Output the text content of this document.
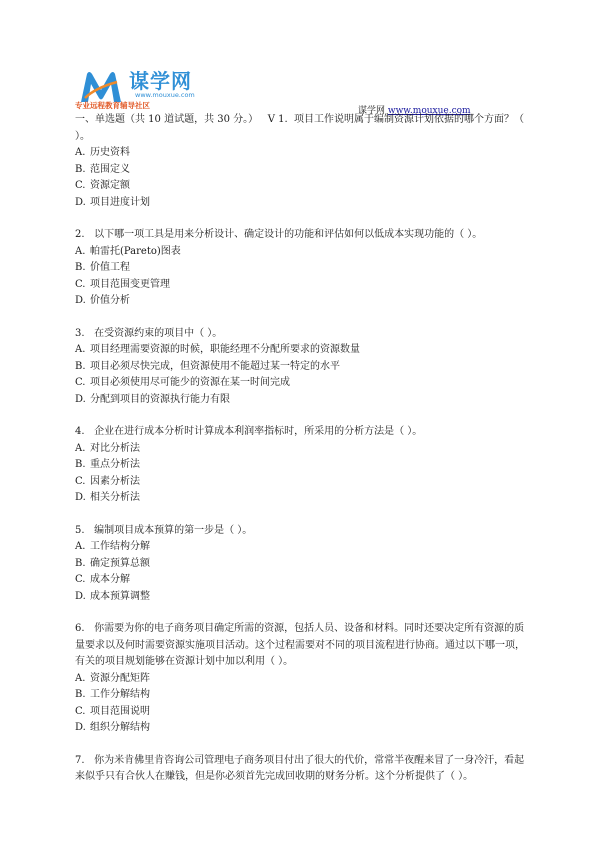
谋学网
www.mouxue.com
专业远程教育辅导社区
谋学网 www.mouxue.com

一、单选题（共 10 道试题，共 30 分。） V 1. 项目工作说明属于编制资源计划依据的哪个方面？（ ）。

A. 历史资料

B. 范围定义

C. 资源定额

D. 项目进度计划

2. 以下哪一项工具是用来分析设计、确定设计的功能和评估如何以低成本实现功能的（ ）。

A. 帕雷托(Pareto)图表

B. 价值工程

C. 项目范围变更管理

D. 价值分析

3. 在受资源约束的项目中（ ）。

A. 项目经理需要资源的时候，职能经理不分配所要求的资源数量

B. 项目必须尽快完成，但资源使用不能超过某一特定的水平

C. 项目必须使用尽可能少的资源在某一时间完成

D. 分配到项目的资源执行能力有限

4. 企业在进行成本分析时计算成本利润率指标时，所采用的分析方法是（ ）。

A. 对比分析法

B. 重点分析法

C. 因素分析法

D. 相关分析法

5. 编制项目成本预算的第一步是（ ）。

A. 工作结构分解

B. 确定预算总额

C. 成本分解

D. 成本预算调整

6. 你需要为你的电子商务项目确定所需的资源，包括人员、设备和材料。同时还要决定所有资源的质量要求以及何时需要资源实施项目活动。这个过程需要对不同的项目流程进行协商。通过以下哪一项，有关的项目规划能够在资源计划中加以利用（ ）。

A. 资源分配矩阵

B. 工作分解结构

C. 项目范围说明

D. 组织分解结构

7. 你为米肯佛里肯咨询公司管理电子商务项目付出了很大的代价，常常半夜醒来冒了一身冷汗，看起来似乎只有合伙人在赚钱，但是你必须首先完成回收期的财务分析。这个分析提供了（ ）。
